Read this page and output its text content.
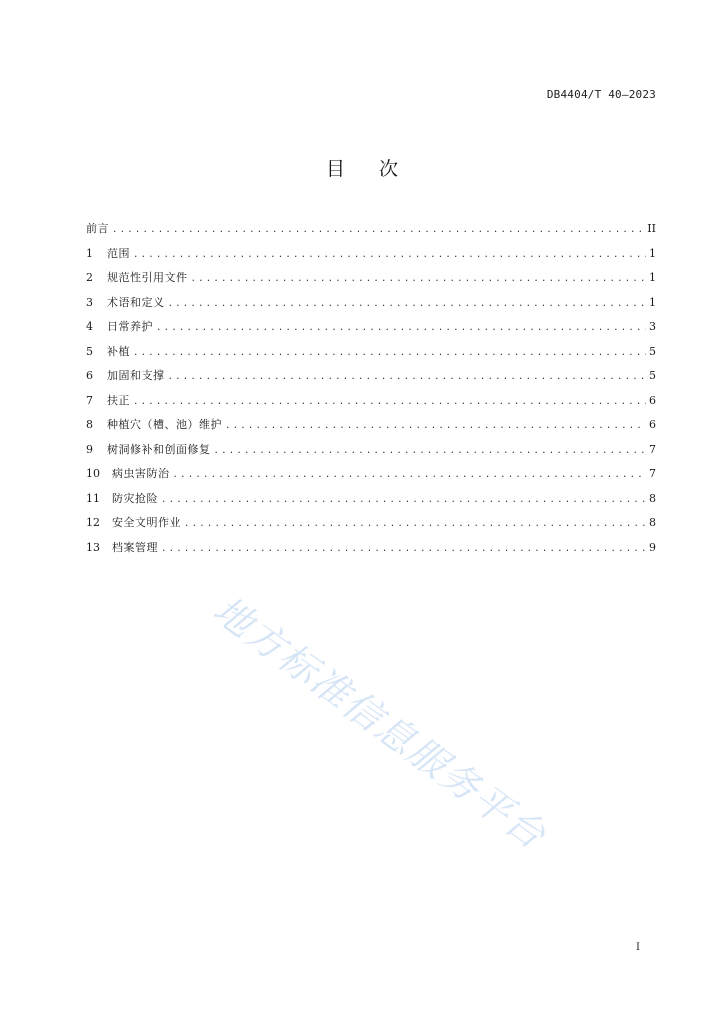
DB4404/T 40—2023
目 次
前言 .....	II
1	范围 .....	1
2	规范性引用文件 .....	1
3	术语和定义 .....	1
4	日常养护 .....	3
5	补植 .....	5
6	加固和支撑 .....	5
7	扶正 .....	6
8	种植穴（槽、池）维护 .....	6
9	树洞修补和创面修复 .....	7
10	病虫害防治 .....	7
11	防灾抢险 .....	8
12	安全文明作业 .....	8
13	档案管理 .....	9
地方标准信息服务平台
I
